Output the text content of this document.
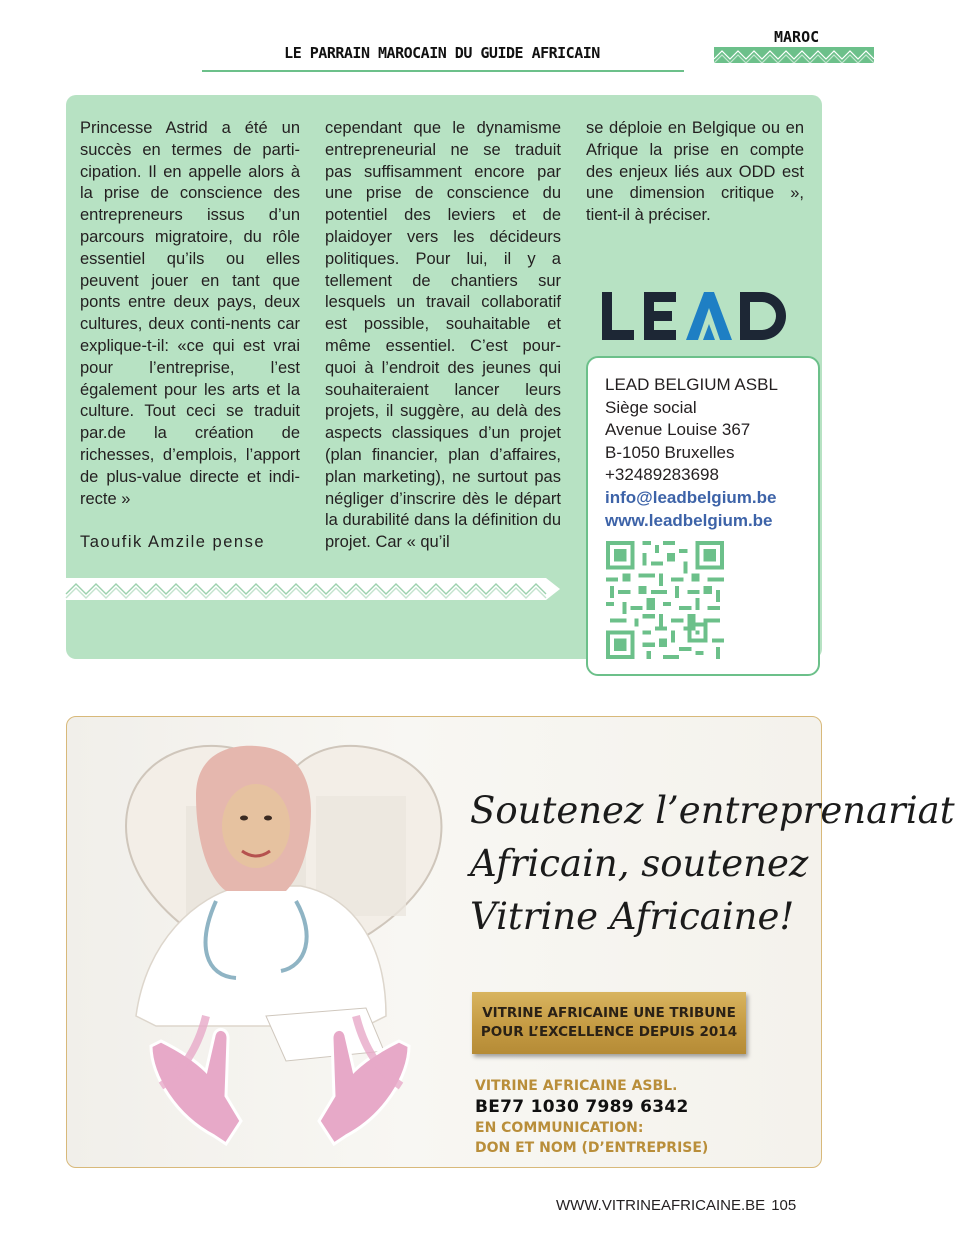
LE PARRAIN MAROCAIN DU GUIDE AFRICAIN
MAROC

Princesse Astrid a été un succès en termes de parti-cipation. Il en appelle alors à la prise de conscience des entrepreneurs issus d’un parcours migratoire, du rôle essentiel qu’ils ou elles peuvent jouer en tant que ponts entre deux pays, deux cultures, deux conti-nents car explique-t-il: «ce qui est vrai pour l’entreprise, l’est également pour les arts et la culture. Tout ceci se traduit par.de la création de richesses, d’emplois, l’apport de plus-value directe et indi-recte »

Taoufik Amzile pense

cependant que le dynamisme entrepreneurial ne se traduit pas suffisamment encore par une prise de conscience du potentiel des leviers et de plaidoyer vers les décideurs politiques. Pour lui, il y a tellement de chantiers sur lesquels un travail collaboratif est possible, souhaitable et même essentiel. C’est pour-quoi à l’endroit des jeunes qui souhaiteraient lancer leurs projets, il suggère, au delà des aspects classiques d’un projet (plan financier, plan d’affaires, plan marketing), ne surtout pas négliger d’inscrire dès le départ la durabilité dans la définition du projet. Car « qu’il

se déploie en Belgique ou en Afrique la prise en compte des enjeux liés aux ODD est une dimension critique », tient-il à préciser.

LEAD BELGIUM ASBL
Siège social
Avenue Louise 367
B-1050 Bruxelles
+32489283698
info@leadbelgium.be
www.leadbelgium.be
Soutenez l’entreprenariat
Africain, soutenez
Vitrine Africaine!
VITRINE AFRICAINE UNE TRIBUNE
POUR L’EXCELLENCE DEPUIS 2014
VITRINE AFRICAINE ASBL.
BE77 1030 7989 6342
EN COMMUNICATION:
DON ET NOM (D’ENTREPRISE)
WWW.VITRINEAFRICAINE.BE 105
